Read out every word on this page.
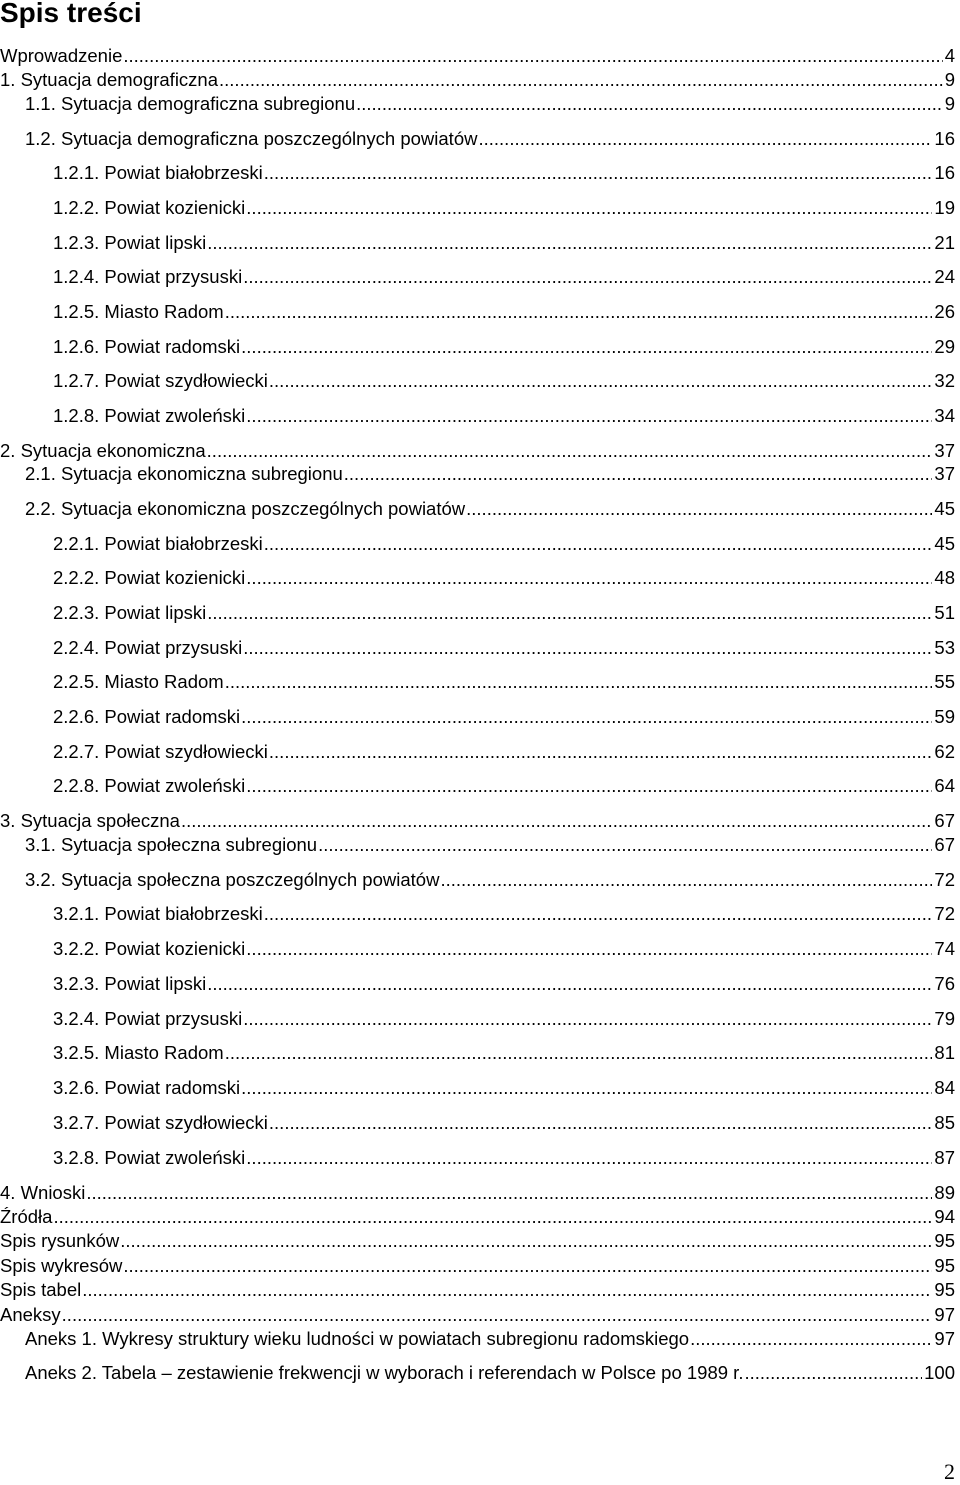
Spis treści
Wprowadzenie .....	4
1. Sytuacja demograficzna .....	9
1.1. Sytuacja demograficzna subregionu .....	9
1.2. Sytuacja demograficzna poszczególnych powiatów .....	16
1.2.1. Powiat białobrzeski .....	16
1.2.2. Powiat kozienicki .....	19
1.2.3. Powiat lipski .....	21
1.2.4. Powiat przysuski .....	24
1.2.5. Miasto Radom .....	26
1.2.6. Powiat radomski .....	29
1.2.7. Powiat szydłowiecki .....	32
1.2.8. Powiat zwoleński .....	34
2. Sytuacja ekonomiczna .....	37
2.1. Sytuacja ekonomiczna subregionu .....	37
2.2. Sytuacja ekonomiczna poszczególnych powiatów .....	45
2.2.1. Powiat białobrzeski .....	45
2.2.2. Powiat kozienicki .....	48
2.2.3. Powiat lipski .....	51
2.2.4. Powiat przysuski .....	53
2.2.5. Miasto Radom .....	55
2.2.6. Powiat radomski .....	59
2.2.7. Powiat szydłowiecki .....	62
2.2.8. Powiat zwoleński .....	64
3. Sytuacja społeczna .....	67
3.1. Sytuacja społeczna subregionu .....	67
3.2. Sytuacja społeczna poszczególnych powiatów .....	72
3.2.1. Powiat białobrzeski .....	72
3.2.2. Powiat kozienicki .....	74
3.2.3. Powiat lipski .....	76
3.2.4. Powiat przysuski .....	79
3.2.5. Miasto Radom .....	81
3.2.6. Powiat radomski .....	84
3.2.7. Powiat szydłowiecki .....	85
3.2.8. Powiat zwoleński .....	87
4. Wnioski .....	89
Źródła .....	94
Spis rysunków .....	95
Spis wykresów .....	95
Spis tabel .....	95
Aneksy .....	97
Aneks 1. Wykresy struktury wieku ludności w powiatach subregionu radomskiego .....	97
Aneks 2. Tabela – zestawienie frekwencji w wyborach i referendach w Polsce po 1989 r. .....	100
2
